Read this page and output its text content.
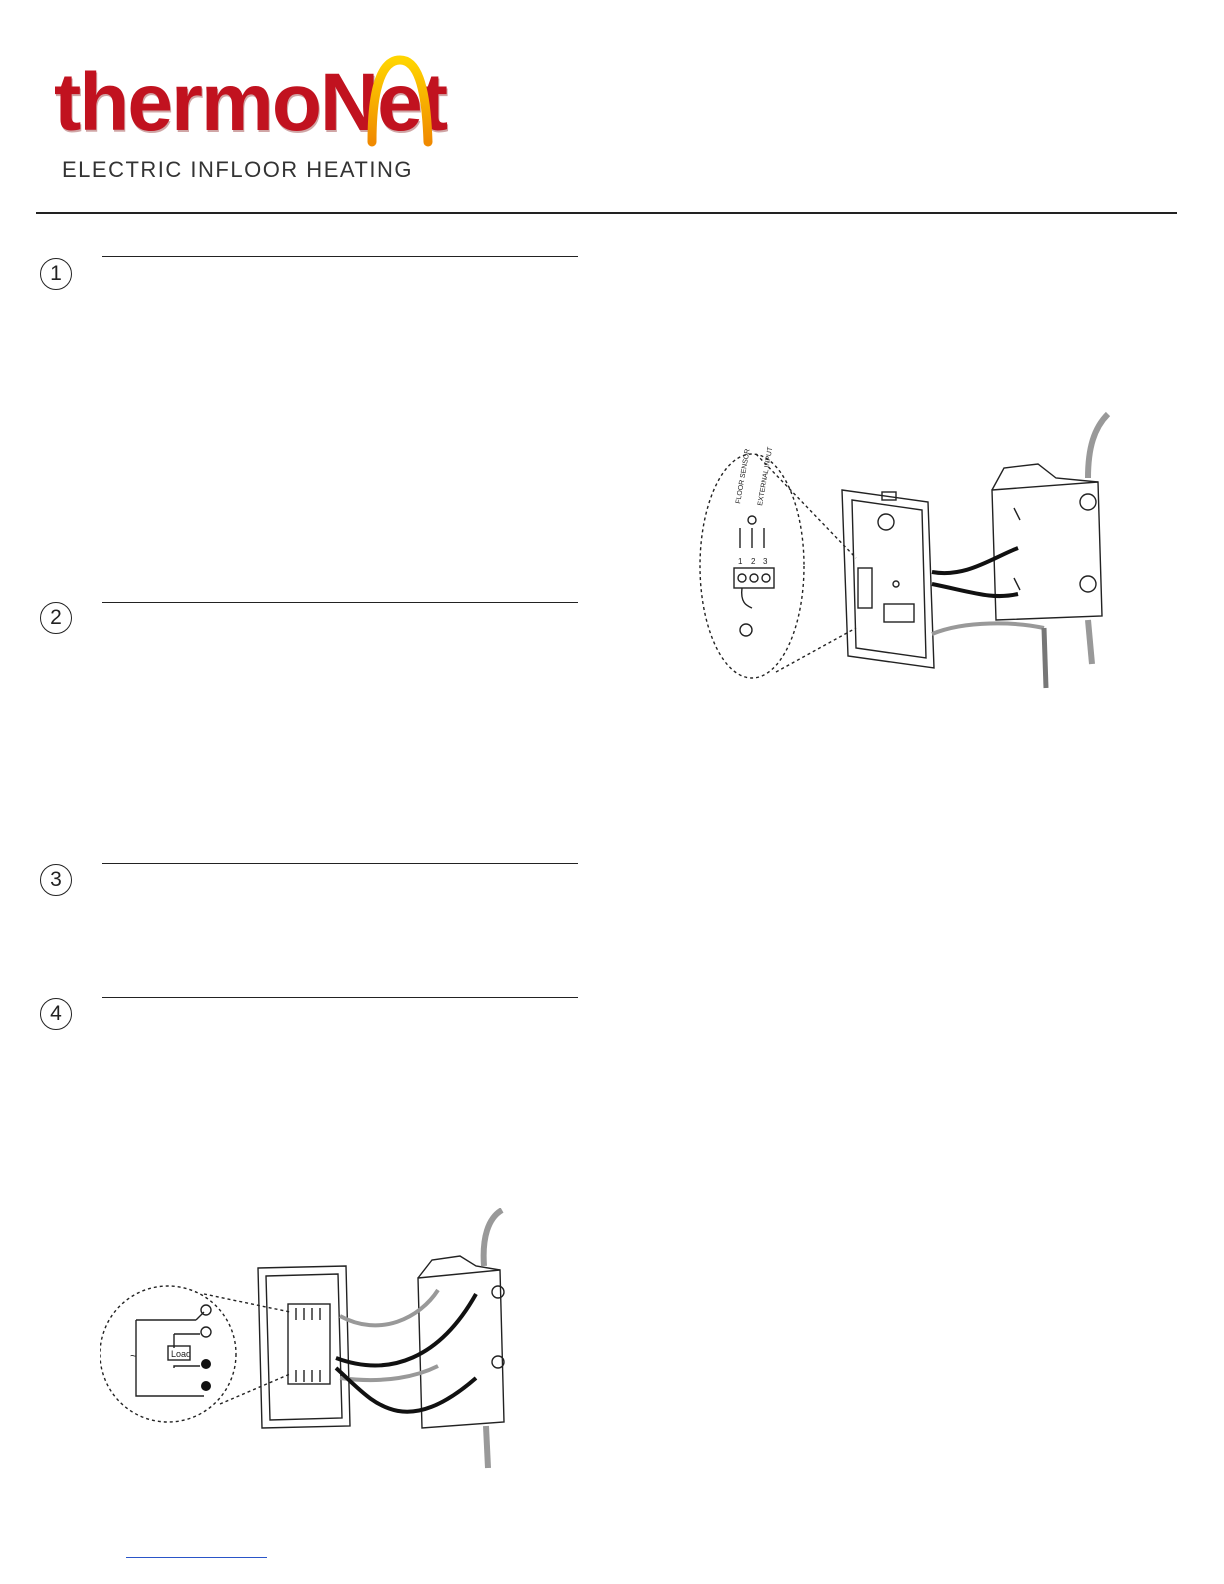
thermoNet
ELECTRIC INFLOOR HEATING
1
2
3
4
FLOOR SENSOR EXTERNAL INPUT
1 2 3
Load
~
